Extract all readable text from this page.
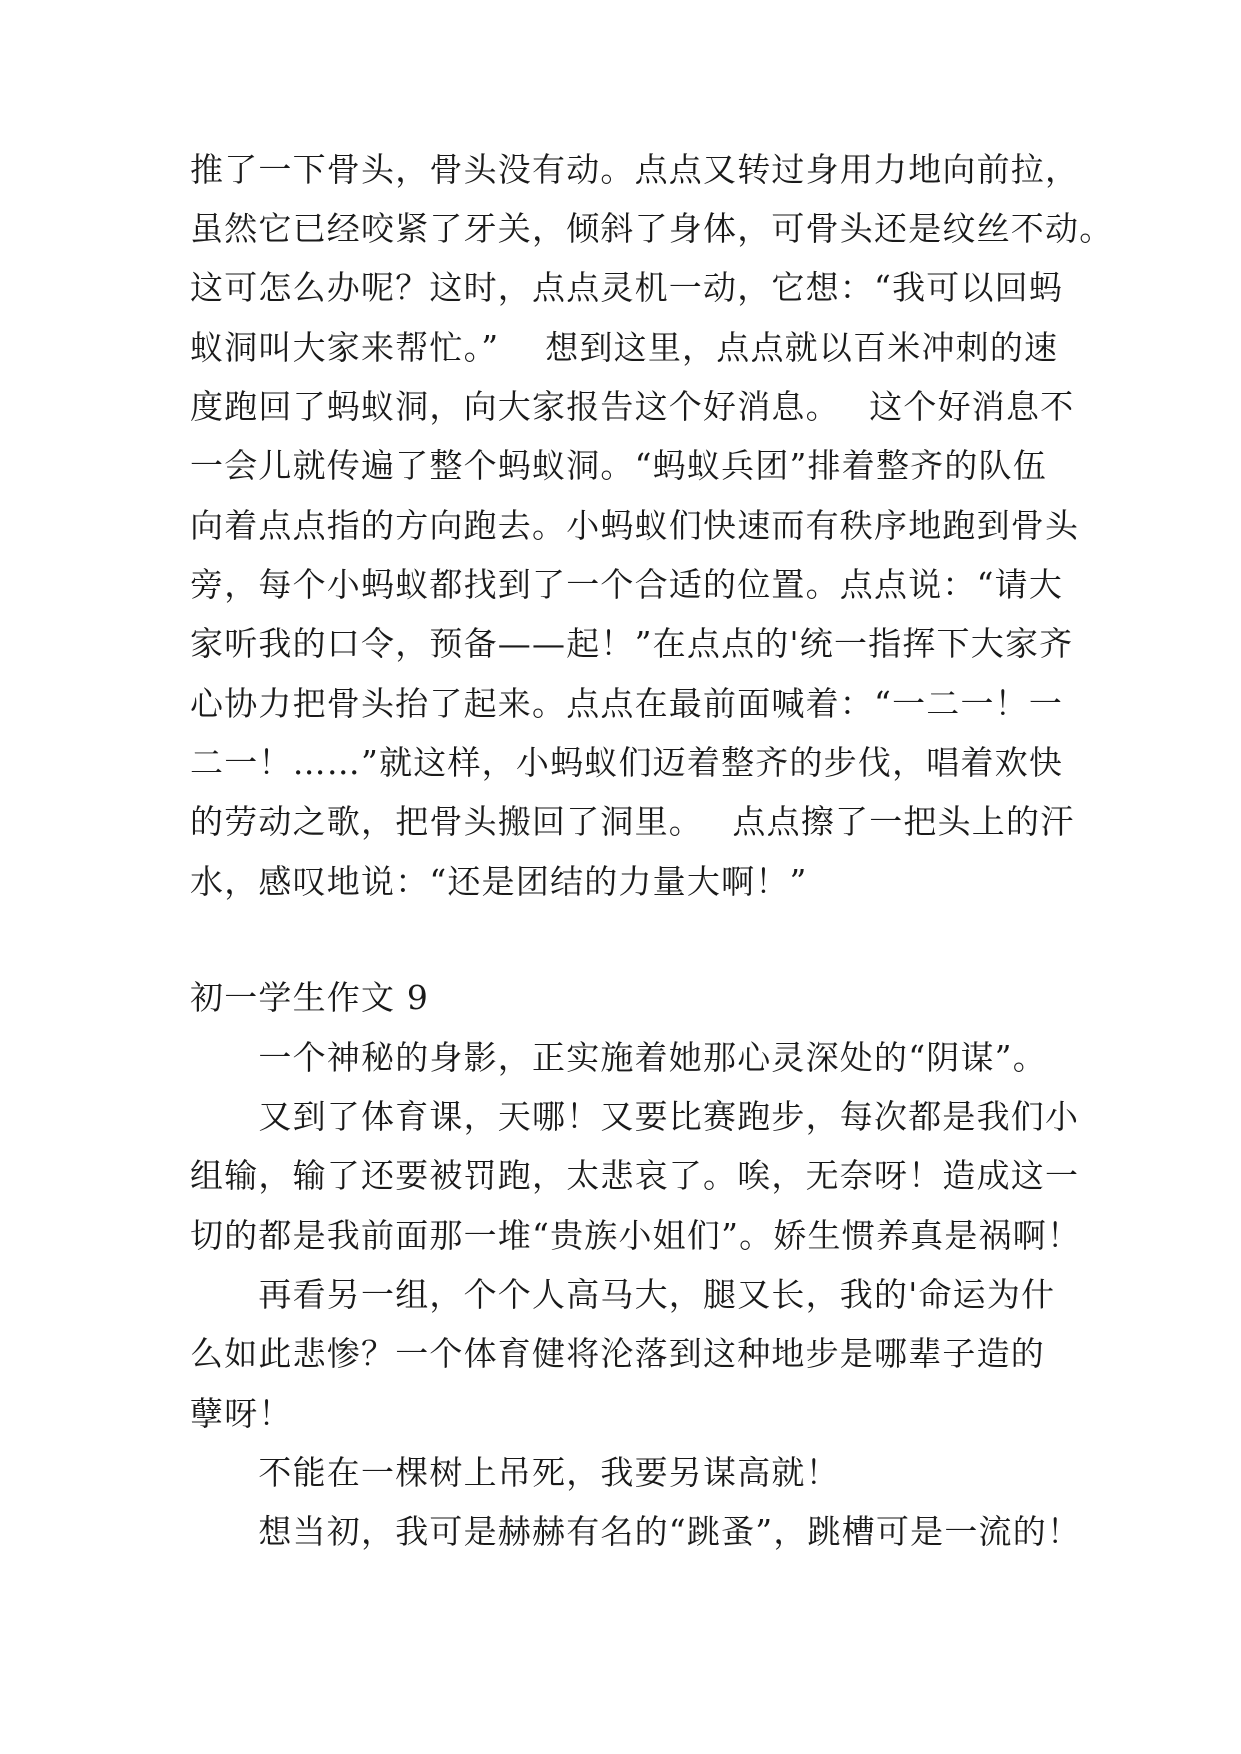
推了一下骨头，骨头没有动。点点又转过身用力地向前拉，
虽然它已经咬紧了牙关，倾斜了身体，可骨头还是纹丝不动。
这可怎么办呢？这时，点点灵机一动，它想：“我可以回蚂
蚁洞叫大家来帮忙。”　 想到这里，点点就以百米冲刺的速
度跑回了蚂蚁洞，向大家报告这个好消息。　 这个好消息不
一会儿就传遍了整个蚂蚁洞。“蚂蚁兵团”排着整齐的队伍
向着点点指的方向跑去。小蚂蚁们快速而有秩序地跑到骨头
旁，每个小蚂蚁都找到了一个合适的位置。点点说：“请大
家听我的口令，预备——起！”在点点的'统一指挥下大家齐
心协力把骨头抬了起来。点点在最前面喊着：“一二一！一
二一！……”就这样，小蚂蚁们迈着整齐的步伐，唱着欢快
的劳动之歌，把骨头搬回了洞里。　 点点擦了一把头上的汗
水，感叹地说：“还是团结的力量大啊！”
初一学生作文 9
　　一个神秘的身影，正实施着她那心灵深处的“阴谋”。
　　又到了体育课，天哪！又要比赛跑步，每次都是我们小
组输，输了还要被罚跑，太悲哀了。唉，无奈呀！造成这一
切的都是我前面那一堆“贵族小姐们”。娇生惯养真是祸啊！
　　再看另一组，个个人高马大，腿又长，我的'命运为什
么如此悲惨？一个体育健将沦落到这种地步是哪辈子造的
孽呀！
　　不能在一棵树上吊死，我要另谋高就！
　　想当初，我可是赫赫有名的“跳蚤”，跳槽可是一流的！
